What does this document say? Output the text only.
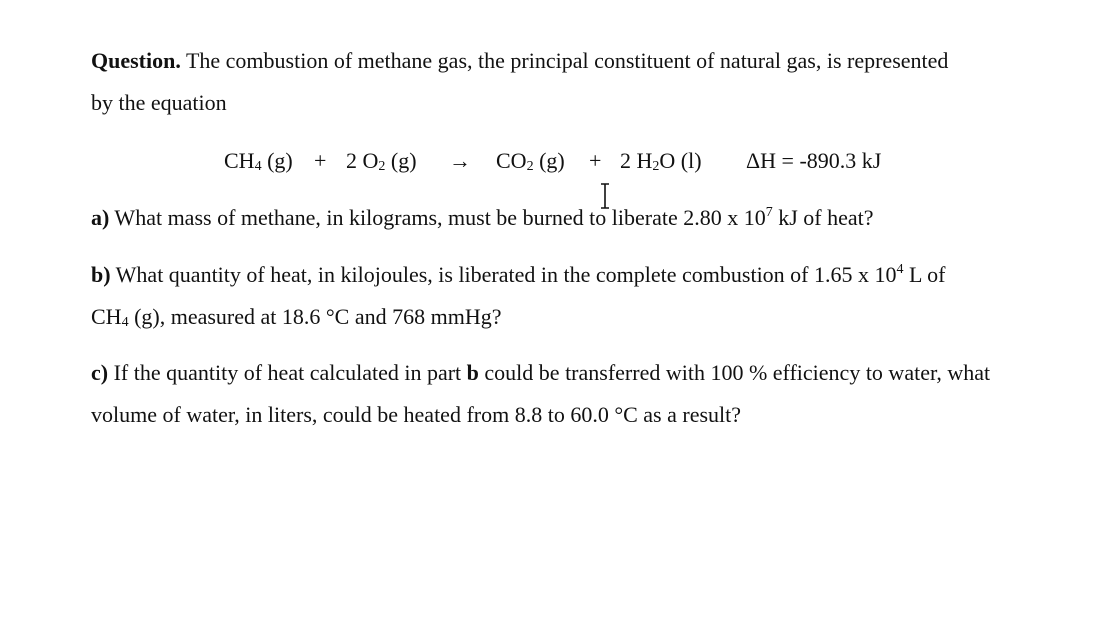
Question. The combustion of methane gas, the principal constituent of natural gas, is represented
by the equation

$CH_4$ (g) + 2 $O_2$ $(g) \to CO_2$ (g) + 2 $H_2O$ (l) ΔH = -890.3 kJ

a) What mass of methane, in kilograms, must be burned to liberate 2.80 x $10^7$ kJ of heat?

b) What quantity of heat, in kilojoules, is liberated in the complete combustion of 1.65 x $10^4$ L of
$CH_4$ (g), measured at 18.6 °C and 768 mmHg?

c) If the quantity of heat calculated in part b could be transferred with 100 % efficiency to water, what volume of water, in liters, could be heated from 8.8 to 60.0 °C as a result?
